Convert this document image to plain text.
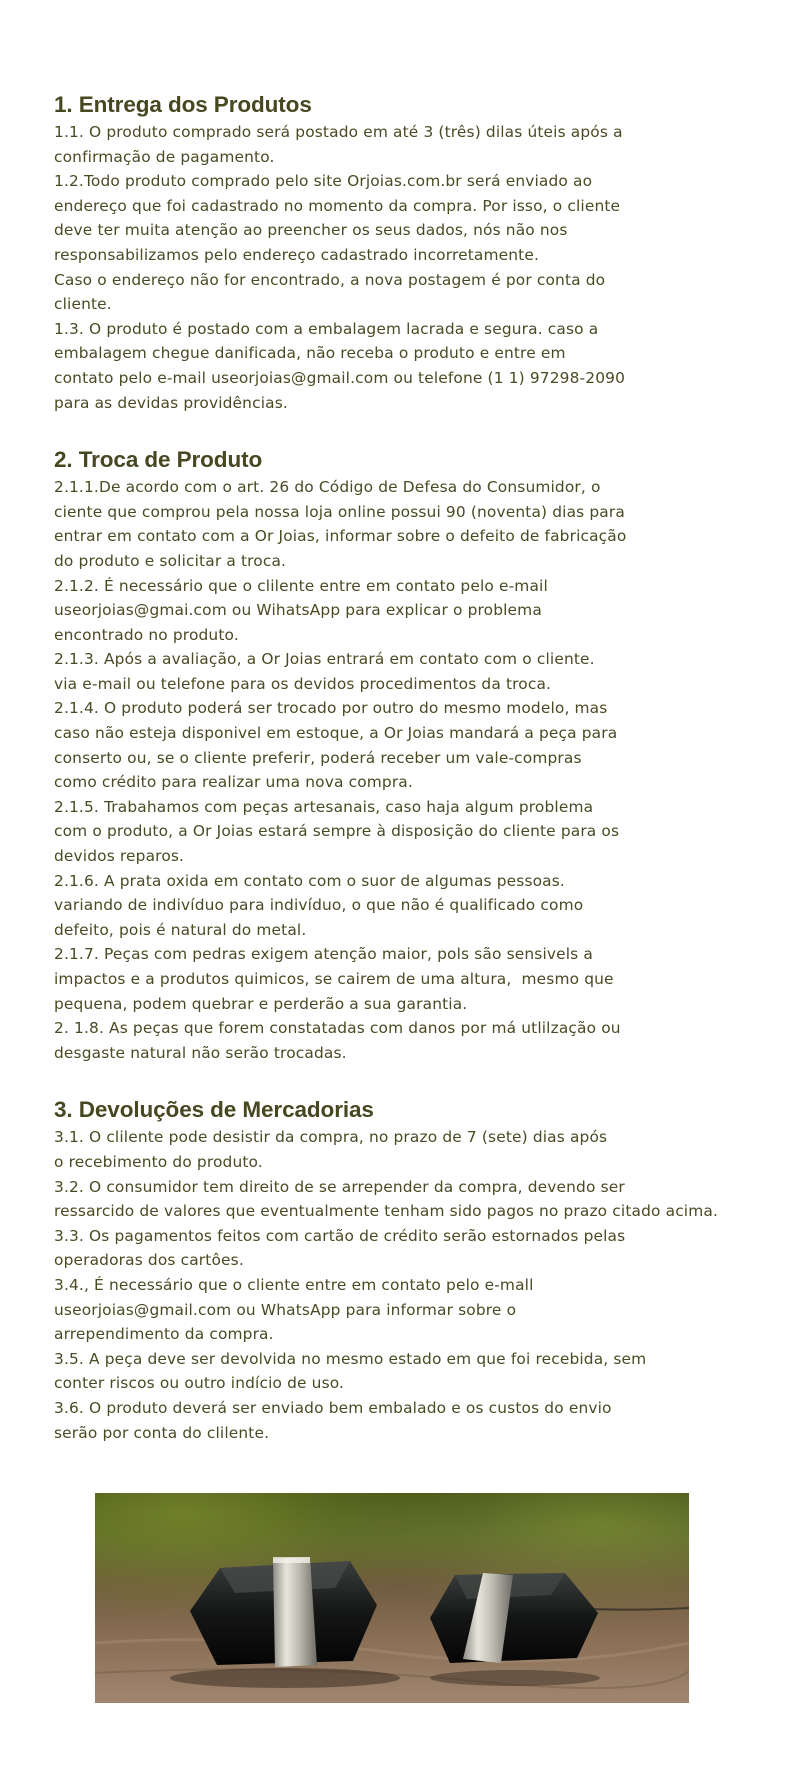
1. Entrega dos Produtos

1.1. O produto comprado será postado em até 3 (três) dilas úteis após a

confirmação de pagamento.

1.2.Todo produto comprado pelo site Orjoias.com.br será enviado ao

endereço que foi cadastrado no momento da compra. Por isso, o cliente

deve ter muita atenção ao preencher os seus dados, nós não nos

responsabilizamos pelo endereço cadastrado incorretamente.

Caso o endereço não for encontrado, a nova postagem é por conta do

cliente.

1.3. O produto é postado com a embalagem lacrada e segura. caso a

embalagem chegue danificada, não receba o produto e entre em

contato pelo e-mail useorjoias@gmail.com ou telefone (1 1) 97298-2090

para as devidas providências.

2. Troca de Produto

2.1.1.De acordo com o art. 26 do Código de Defesa do Consumidor, o

ciente que comprou pela nossa loja online possui 90 (noventa) dias para

entrar em contato com a Or Joias, informar sobre o defeito de fabricação

do produto e solicitar a troca.

2.1.2. É necessário que o clilente entre em contato pelo e-mail

useorjoias@gmai.com ou WihatsApp para explicar o problema

encontrado no produto.

2.1.3. Após a avaliação, a Or Joias entrará em contato com o cliente.

via e-mail ou telefone para os devidos procedimentos da troca.

2.1.4. O produto poderá ser trocado por outro do mesmo modelo, mas

caso não esteja disponivel em estoque, a Or Joias mandará a peça para

conserto ou, se o cliente preferir, poderá receber um vale-compras

como crédito para realizar uma nova compra.

2.1.5. Trabahamos com peças artesanais, caso haja algum problema

com o produto, a Or Joias estará sempre à disposição do cliente para os

devidos reparos.

2.1.6. A prata oxida em contato com o suor de algumas pessoas.

variando de indivíduo para indivíduo, o que não é qualificado como

defeito, pois é natural do metal.

2.1.7. Peças com pedras exigem atenção maior, pols são sensivels a

impactos e a produtos quimicos, se cairem de uma altura,  mesmo que

pequena, podem quebrar e perderão a sua garantia.

2. 1.8. As peças que forem constatadas com danos por má utlilzação ou

desgaste natural não serão trocadas.

3. Devoluções de Mercadorias

3.1. O clilente pode desistir da compra, no prazo de 7 (sete) dias após

o recebimento do produto.

3.2. O consumidor tem direito de se arrepender da compra, devendo ser

ressarcido de valores que eventualmente tenham sido pagos no prazo citado acima.

3.3. Os pagamentos feitos com cartão de crédito serão estornados pelas

operadoras dos cartôes.

3.4., É necessário que o cliente entre em contato pelo e-mall

useorjoias@gmail.com ou WhatsApp para informar sobre o

arrependimento da compra.

3.5. A peça deve ser devolvida no mesmo estado em que foi recebida, sem

conter riscos ou outro indício de uso.

3.6. O produto deverá ser enviado bem embalado e os custos do envio

serão por conta do clilente.
